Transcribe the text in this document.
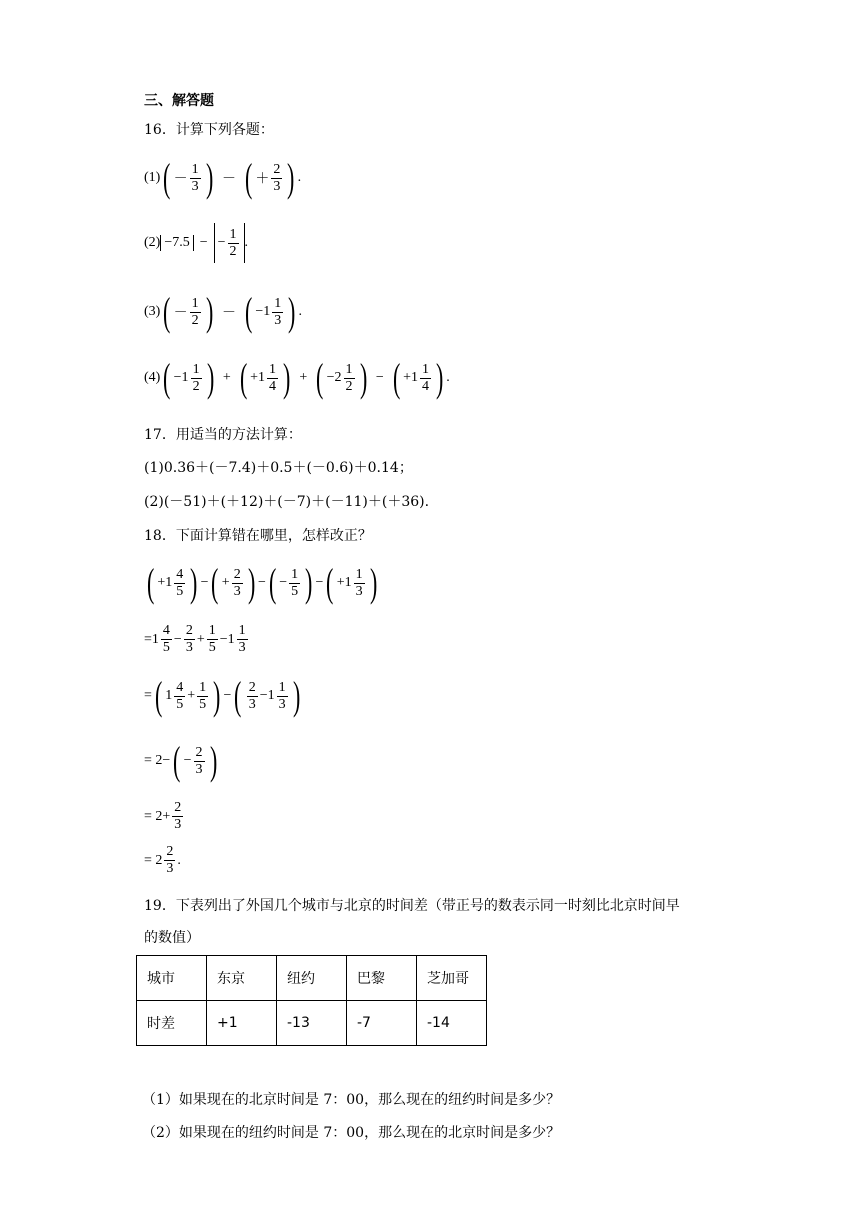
三、解答题
16．计算下列各题：
(1) ( － $\frac{1}{3}$ ) － ( ＋ $\frac{2}{3}$ ) .
(2) −7.5 − − $\frac{1}{2}$ .
(3) ( － $\frac{1}{2}$ ) － ( $-1 \frac{1}{3}$ ) .
(4) ( $-1 \frac{1}{2}$ ) + ( $+1 \frac{1}{4}$ ) + ( $-2 \frac{1}{2}$ ) − ( $+1 \frac{1}{4}$ ) .
17．用适当的方法计算：
(1)0.36＋(－7.4)＋0.5＋(－0.6)＋0.14；
(2)(－51)＋(＋12)＋(－7)＋(－11)＋(＋36).
18．下面计算错在哪里，怎样改正？
( $+1 \frac{4}{5}$ ) − ( + $\frac{2}{3}$ ) − ( − $\frac{1}{5}$ ) − ( $+1 \frac{1}{3}$ )
$=1 \frac{4}{5} - \frac{2}{3} + \frac{1}{5} -1 \frac{1}{3}$
= ( $1 \frac{4}{5} + \frac{1}{5}$ ) − ( $\frac{2}{3} -1 \frac{1}{3}$ )
= 2− ( − $\frac{2}{3}$ )
= $2+ \frac{2}{3}$
= $2 \frac{2}{3}$ .
19．下表列出了外国几个城市与北京的时间差（带正号的数表示同一时刻比北京时间早
的数值）
城市	东京	纽约	巴黎	芝加哥
时差	+1	-13	-7	-14
（1）如果现在的北京时间是 7：00，那么现在的纽约时间是多少？
（2）如果现在的纽约时间是 7：00，那么现在的北京时间是多少？
